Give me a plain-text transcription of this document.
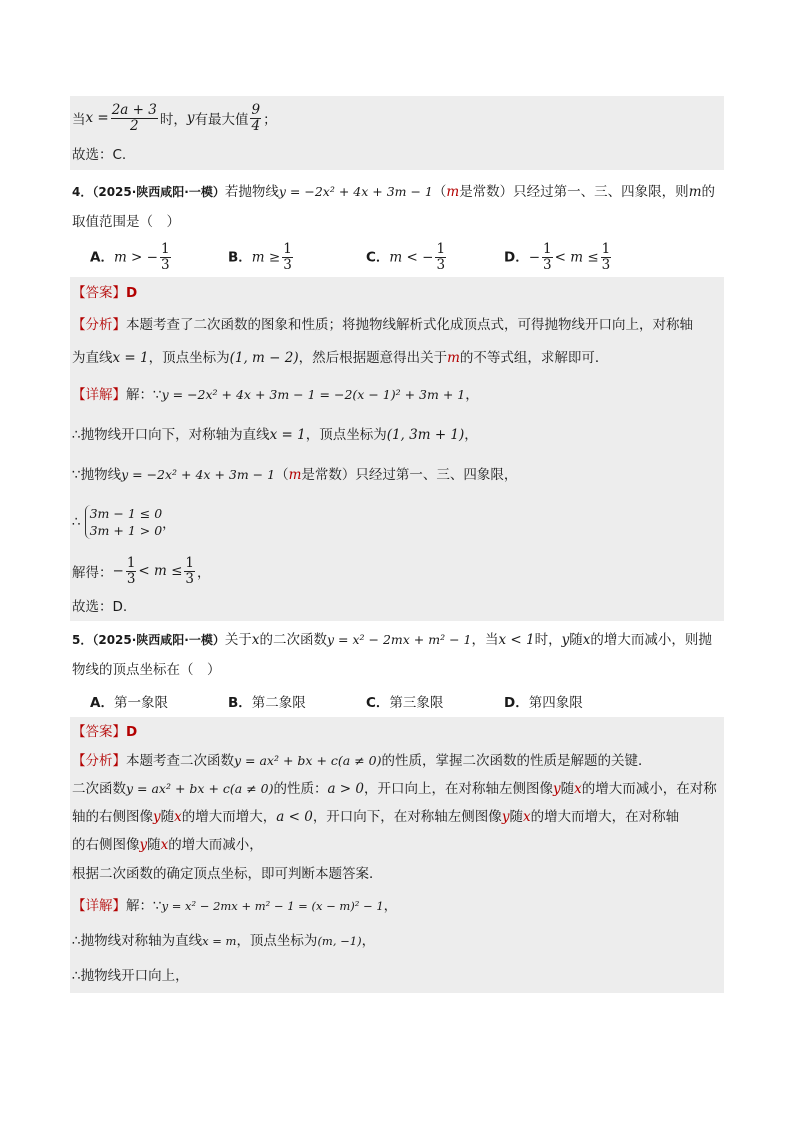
当 $x = \frac{2a + 3}{2}$ 时， y 有最大值 $\frac{9}{4}$ ；
故选：C.
4．（2025·陕西咸阳·一模）若抛物线y = −2x² + 4x + 3m − 1（m是常数）只经过第一、三、四象限，则m的
取值范围是（　）
A．m > − $\frac{1}{3}$	B．$m \ge \frac{1}{3}$	C．m < − $\frac{1}{3}$	D．− $\frac{1}{3} < m \le \frac{1}{3}$
【答案】D
【分析】本题考查了二次函数的图象和性质；将抛物线解析式化成顶点式，可得抛物线开口向上，对称轴
为直线x = 1，顶点坐标为(1, m − 2)，然后根据题意得出关于m的不等式组，求解即可．
【详解】解：∵y = −2x² + 4x + 3m − 1 = −2(x − 1)² + 3m + 1，
∴抛物线开口向下，对称轴为直线x = 1，顶点坐标为(1, 3m + 1)，
∵抛物线y = −2x² + 4x + 3m − 1（m是常数）只经过第一、三、四象限，
∴
3m − 1 ≤ 0
3m + 1 > 0 ，
解得： − $\frac{1}{3} < m \le \frac{1}{3}$ ，
故选：D.
5．（2025·陕西咸阳·一模）关于x的二次函数y = x² − 2mx + m² − 1，当x < 1时，y随x的增大而减小，则抛
物线的顶点坐标在（　）
A．第一象限	B．第二象限	C．第三象限	D．第四象限
【答案】D
【分析】本题考查二次函数y = ax² + bx + c(a ≠ 0)的性质，掌握二次函数的性质是解题的关键．
二次函数y = ax² + bx + c(a ≠ 0)的性质：a > 0，开口向上，在对称轴左侧图像y随x的增大而减小，在对称
轴的右侧图像y随x的增大而增大，a < 0，开口向下，在对称轴左侧图像y随x的增大而增大，在对称轴
的右侧图像y随x的增大而减小，
根据二次函数的确定顶点坐标，即可判断本题答案．
【详解】解：∵y = x² − 2mx + m² − 1 = (x − m)² − 1，
∴抛物线对称轴为直线x = m，顶点坐标为(m, −1)，
∴抛物线开口向上，
